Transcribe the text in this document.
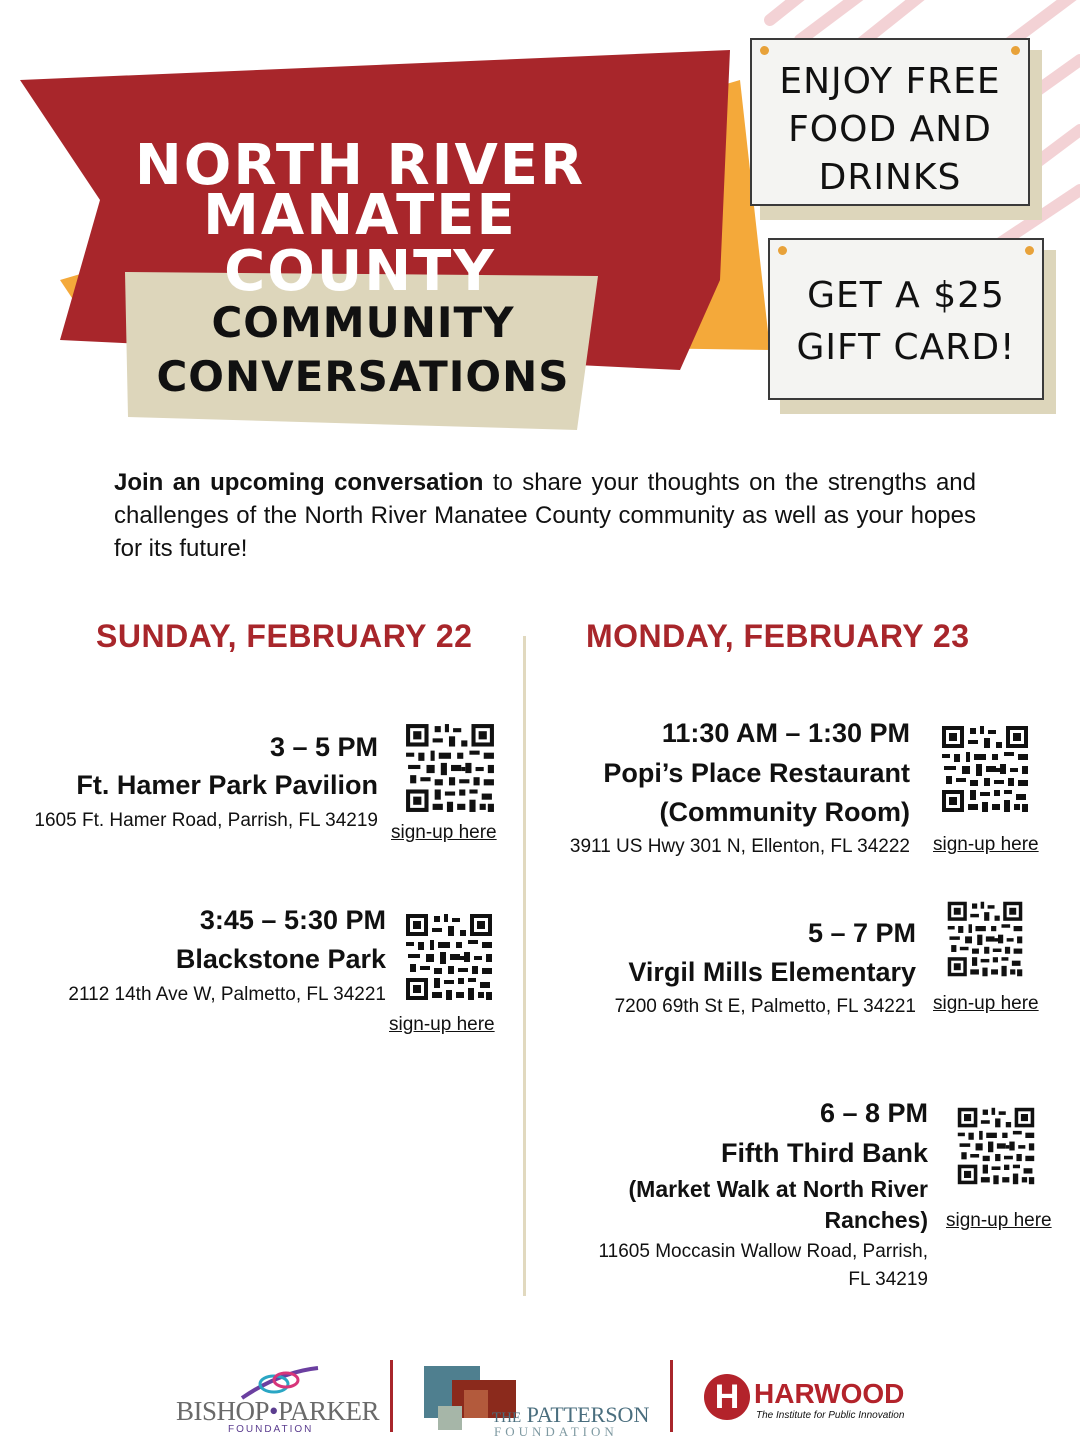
NORTH RIVER
MANATEE COUNTY
COMMUNITY
CONVERSATIONS
ENJOY FREE
FOOD AND
DRINKS
GET A $25
GIFT CARD!
Join an upcoming conversation to share your thoughts on the strengths and challenges of the North River Manatee County community as well as your hopes for its future!
SUNDAY, FEBRUARY 22	MONDAY, FEBRUARY 23
3 – 5 PM
Ft. Hamer Park Pavilion
1605 Ft. Hamer Road, Parrish, FL 34219
sign-up here
3:45 – 5:30 PM
Blackstone Park
2112 14th Ave W, Palmetto, FL 34221
sign-up here
11:30 AM – 1:30 PM
Popi’s Place Restaurant
(Community Room)
3911 US Hwy 301 N, Ellenton, FL 34222 sign-up here
5 – 7 PM
Virgil Mills Elementary
7200 69th St E, Palmetto, FL 34221 sign-up here
6 – 8 PM
Fifth Third Bank
(Market Walk at North River
Ranches)
11605 Moccasin Wallow Road, Parrish,
FL 34219
sign-up here
BISHOP•PARKER
FOUNDATION
THE PATTERSON
FOUNDATION
H HARWOOD
The Institute for Public Innovation
